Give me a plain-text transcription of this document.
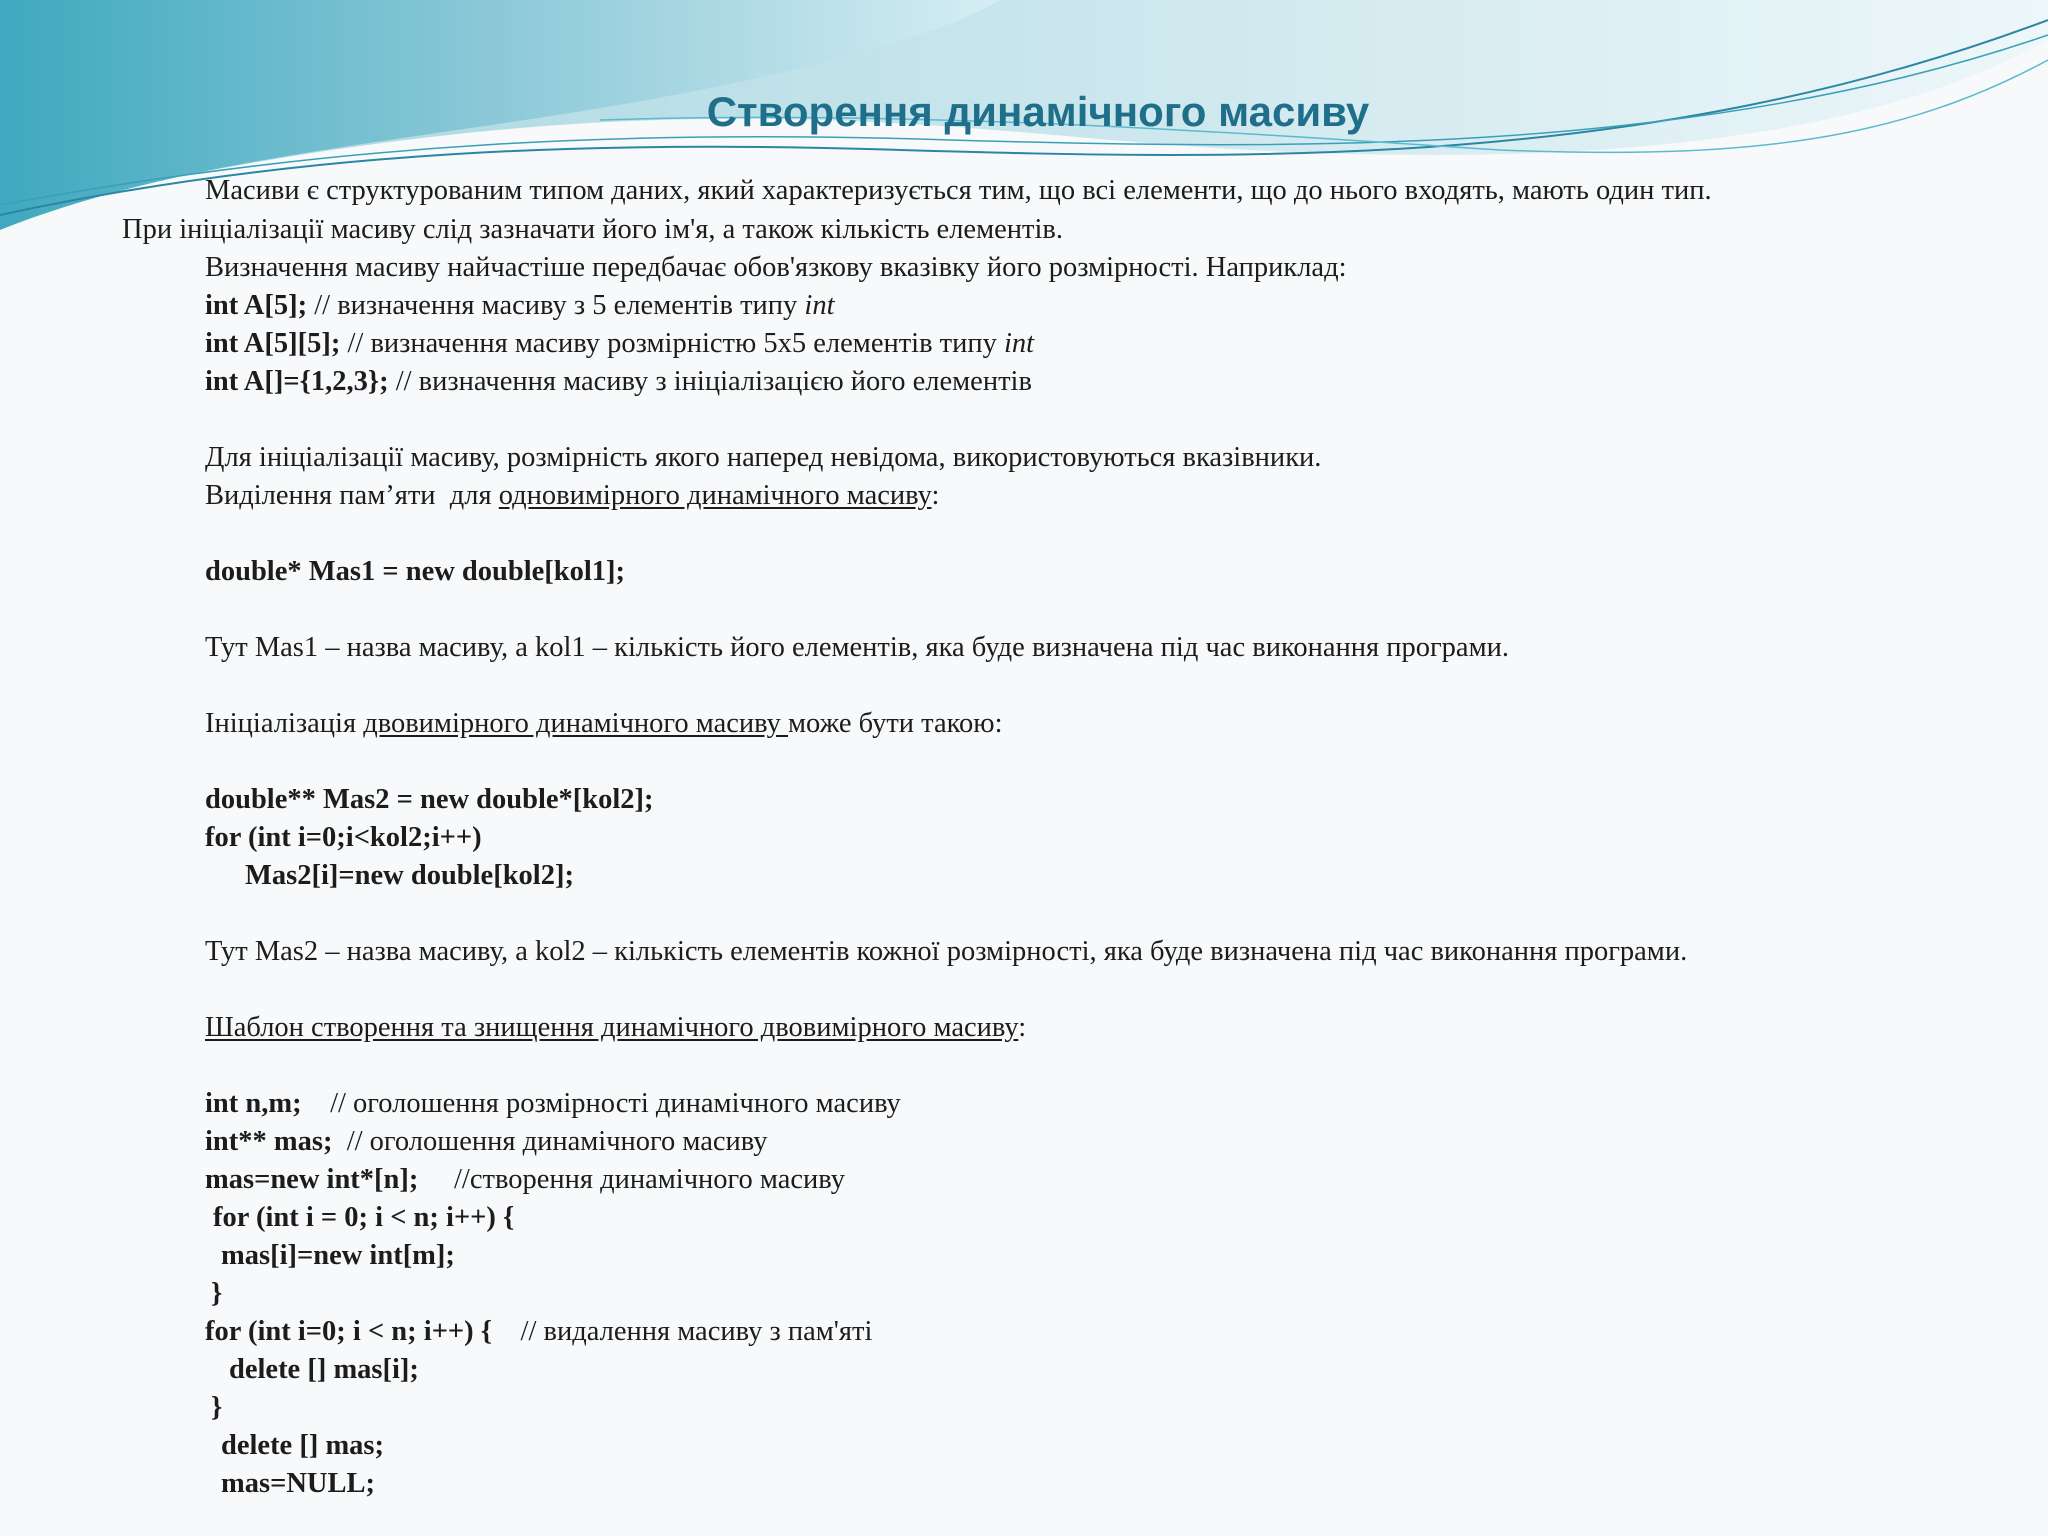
Створення динамічного масиву
Масиви є структурованим типом даних, який характеризується тим, що всі елементи, що до нього входять, мають один тип.
При ініціалізації масиву слід зазначати його ім'я, а також кількість елементів.
Визначення масиву найчастіше передбачає обов'язкову вказівку його розмірності. Наприклад:
int A[5]; // визначення масиву з 5 елементів типу int
int A[5][5]; // визначення масиву розмірністю 5х5 елементів типу int
int A[]={1,2,3}; // визначення масиву з ініціалізацією його елементів
Для ініціалізації масиву, розмірність якого наперед невідома, використовуються вказівники.
Виділення пам’яти  для одновимірного динамічного масиву:
double* Mas1 = new double[kol1];
Тут Mas1 – назва масиву, а kol1 – кількість його елементів, яка буде визначена під час виконання програми.
Ініціалізація двовимірного динамічного масиву може бути такою:
double** Mas2 = new double*[kol2];
for (int i=0;i<kol2;i++)
Mas2[i]=new double[kol2];
Тут Mas2 – назва масиву, а kol2 – кількість елементів кожної розмірності, яка буде визначена під час виконання програми.
Шаблон створення та знищення динамічного двовимірного масиву:
int n,m;    // оголошення розмірності динамічного масиву
int** mas;  // оголошення динамічного масиву
mas=new int*[n];     //створення динамічного масиву
for (int i = 0; i < n; i++) {
mas[i]=new int[m];
}
for (int i=0; i < n; i++) {    // видалення масиву з пам'яті
delete [] mas[i];
}
delete [] mas;
mas=NULL;
